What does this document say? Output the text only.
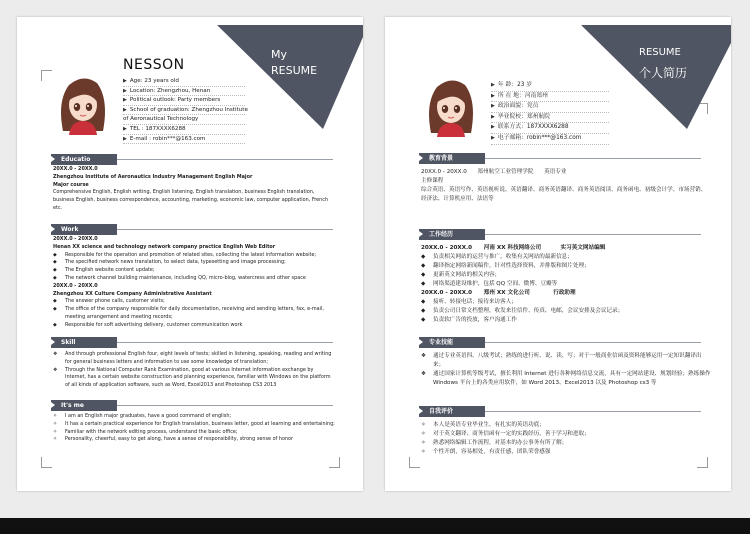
My
RESUME
NESSON
▶ Age: 23 years old
▶ Location: Zhengzhou, Henan
▶ Political outlook: Party members
▶ School of graduation: Zhengzhou Institute
of Aeronautical Technology
▶ TEL : 187XXXX6288
▶ E-mail : robin***@163.com
Educatio
20XX.0 - 20XX.0
Zhengzhou Institute of Aeronautics Industry Management English Major
Major course
Comprehensive English, English writing, English listening, English translation, business English translation, business English, business correspondence, accounting, marketing, economic law, computer application, French etc.
Work
20XX.0 - 20XX.0
Henan XX science and technology network company practice English Web Editor
◆ Responsible for the operation and promotion of related sites, collecting the latest information website;
◆ The specified network news translation, to select data, typesetting and image processing;
◆ The English website content update;
◆ The network channel building maintenance, including QQ, micro-blog, watercress and other space
20XX.0 - 20XX.0
Zhengzhou XX Culture Company Administrative Assistant
◆ The answer phone calls, customer visits;
◆ The office of the company responsible for daily documentation, receiving and sending letters, fax, e-mail, meeting arrangement and meeting records;
◆ Responsible for soft advertising delivery, customer communication work
Skill
❖ And through professional English four, eight levels of tests; skilled in listening, speaking, reading and writing for general business letters and information to use some knowledge of translation;
❖ Through the National Computer Rank Examination, good at various Internet information exchange by Internet, has a certain website construction and planning experience, familiar with Windows on the platform of all kinds of application software, such as Word, Excel2013 and Photoshop CS3 2013
It's me
✧ I am an English major graduates, have a good command of english;
✧ It has a certain practical experience for English translation, business letter, good at learning and entertaining;
✧ Familiar with the network editing process, understand the basic office;
✧ Personality, cheerful, easy to get along, have a sense of responsibility, strong sense of honor
RESUME
个人简历
▶ 年 龄：23 岁
▶ 所 在 地：河南郑州
▶ 政治面貌：党员
▶ 毕业院校：郑州航院
▶ 联系方式：187XXXX6288
▶ 电子邮箱：robin***@163.com
教育背景
20XX.0 - 20XX.0 郑州航空工业管理学院 英语专业
主修课程
综合英语、英语写作、英语视听说、英语翻译、商务英语翻译、商务英语阅读、商务函电、初级会计学、市场营销、经济法、计算机应用、法语等
工作经历
20XX.0 - 20XX.0 河南 XX 科技网络公司	实习英文网站编辑
◆ 负责相关网站的运营与推广，收集有关网站的最新信息；
◆ 翻译指定网络新闻稿件，针对性选择资料，并排版和图片处理；
◆ 更新英文网站的相关内容；
◆ 网络渠道建设维护，包括 QQ 空间、微博、豆瓣等
20XX.0 - 20XX.0 郑州 XX 文化公司	行政助理
◆ 接听、转接电话；接待来访客人；
◆ 负责公司日常文档整理，收发来往信件、传真、电邮，会议安排及会议记录；
◆ 负责软广告的投放，客户沟通工作
专业技能
❖ 通过专业英语四、八级考试；熟练的进行听、说、读、写；对于一般商业信函及资料能够运用一定知识翻译出来；
❖ 通过国家计算机等级考试，擅长利用 Internet 进行各种网络信息交流，具有一定网站建设、规划经验；熟练操作 Windows 平台上的各类应用软件，如 Word 2013、Excel2013 以及 Photoshop cs3 等
自我评价
✧ 本人是英语专业毕业生，有扎实的英语功底；
✧ 对于英文翻译、商务信函有一定的实践经历，善于学习和进取；
✧ 熟悉网络编辑工作流程，对基本的办公事务有所了解；
✧ 个性开朗，容易相处，有责任感，团队荣誉感强
